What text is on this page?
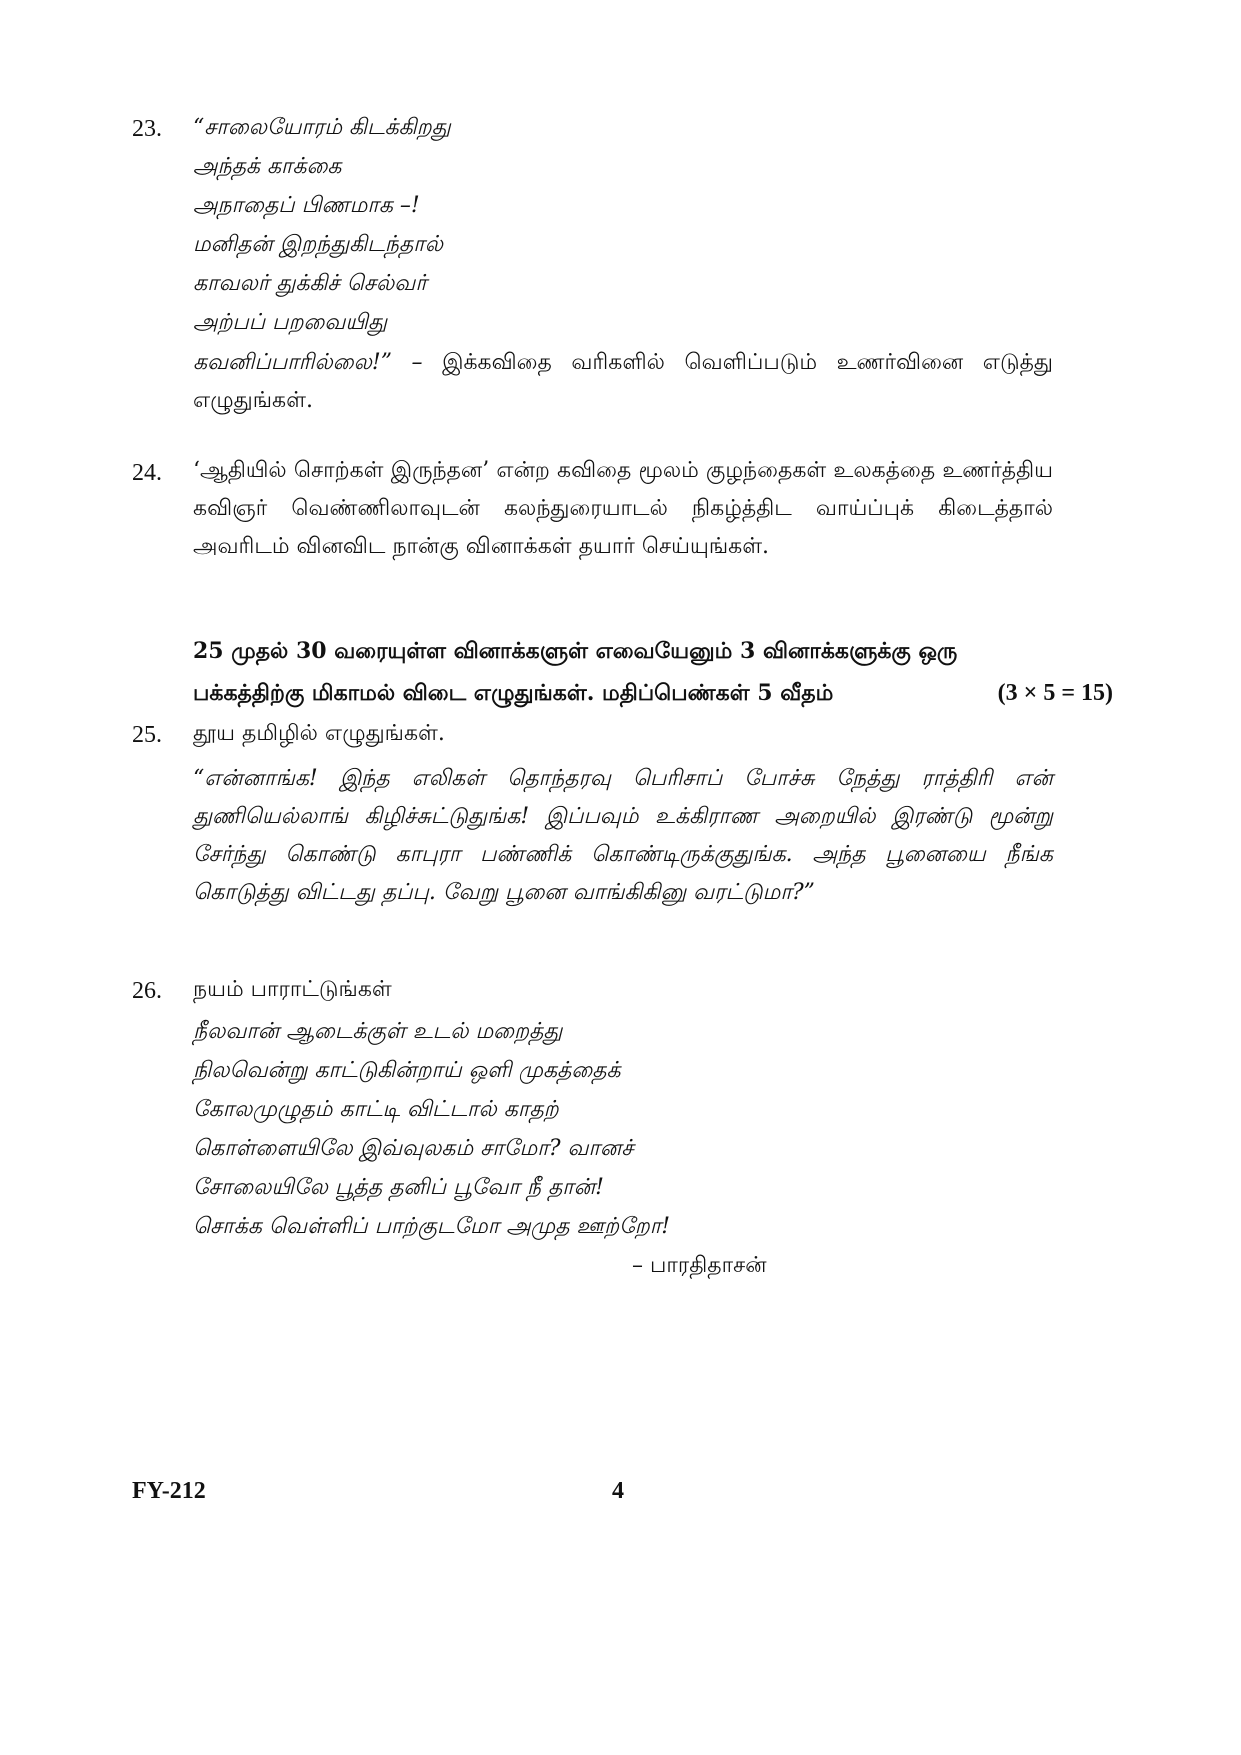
23. “சாலையோரம் கிடக்கிறது
அந்தக் காக்கை
அநாதைப் பிணமாக –!
மனிதன் இறந்துகிடந்தால்
காவலர் துக்கிச் செல்வர்
அற்பப் பறவையிது
கவனிப்பாரில்லை!” – இக்கவிதை வரிகளில் வெளிப்படும் உணர்வினை எடுத்து எழுதுங்கள்.
24. ‘ஆதியில் சொற்கள் இருந்தன’ என்ற கவிதை மூலம் குழந்தைகள் உலகத்தை உணர்த்திய கவிஞர் வெண்ணிலாவுடன் கலந்துரையாடல் நிகழ்த்திட வாய்ப்புக் கிடைத்தால் அவரிடம் வினவிட நான்கு வினாக்கள் தயார் செய்யுங்கள்.
25 முதல் 30 வரையுள்ள வினாக்களுள் எவையேனும் 3 வினாக்களுக்கு ஒரு
பக்கத்திற்கு மிகாமல் விடை எழுதுங்கள். மதிப்பெண்கள் 5 வீதம்	(3 × 5 = 15)
25. தூய தமிழில் எழுதுங்கள்.
“என்னாங்க! இந்த எலிகள் தொந்தரவு பெரிசாப் போச்சு நேத்து ராத்திரி என் துணியெல்லாங் கிழிச்சுட்டுதுங்க! இப்பவும் உக்கிராண அறையில் இரண்டு மூன்று சேர்ந்து கொண்டு காபுரா பண்ணிக் கொண்டிருக்குதுங்க. அந்த பூனையை நீங்க கொடுத்து விட்டது தப்பு. வேறு பூனை வாங்கிகினு வரட்டுமா?”
26. நயம் பாராட்டுங்கள்
நீலவான் ஆடைக்குள் உடல் மறைத்து
நிலவென்று காட்டுகின்றாய் ஒளி முகத்தைக்
கோலமுழுதம் காட்டி விட்டால் காதற்
கொள்ளையிலே இவ்வுலகம் சாமோ? வானச்
சோலையிலே பூத்த தனிப் பூவோ நீ தான்!
சொக்க வெள்ளிப் பாற்குடமோ அமுத ஊற்றோ!
– பாரதிதாசன்
FY-212	4
